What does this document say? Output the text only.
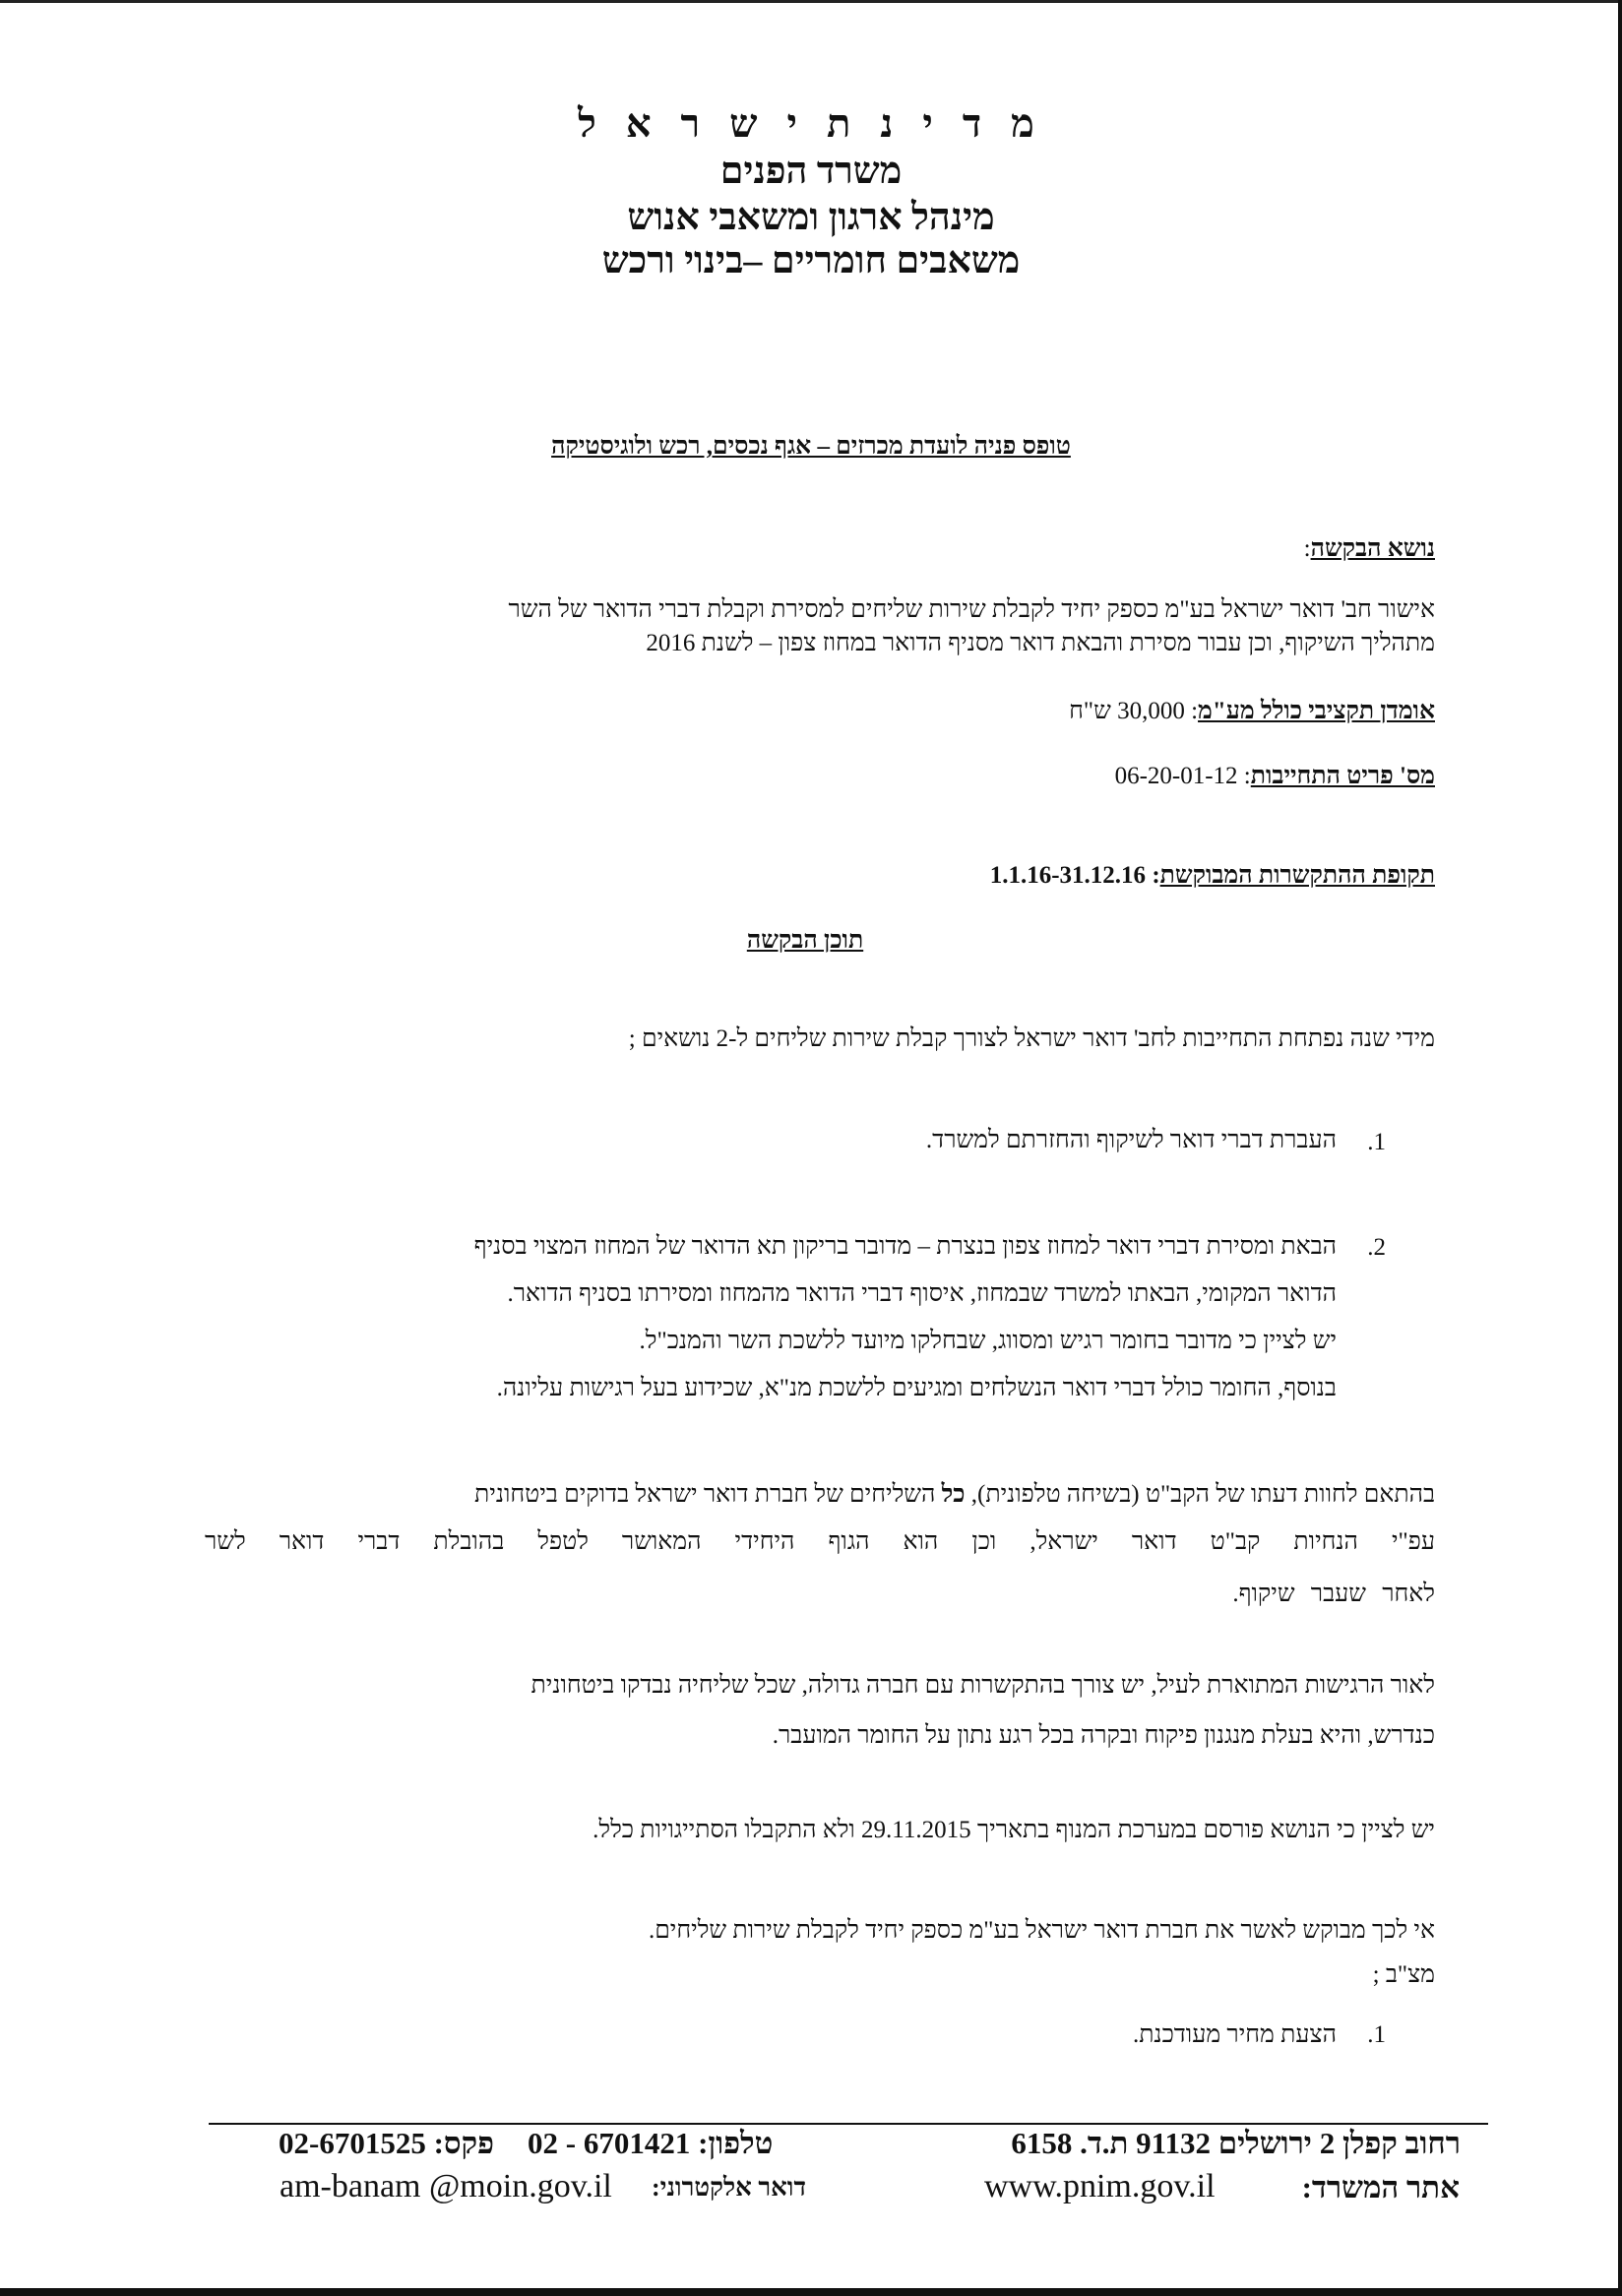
מ ד י נ ת י ש ר א ל
משרד הפנים
מינהל ארגון ומשאבי אנוש
משאבים חומריים –בינוי ורכש
טופס פניה לועדת מכרזים – אגף נכסים, רכש ולוגיסטיקה
נושא הבקשה:
אישור חב' דואר ישראל בע"מ כספק יחיד לקבלת שירות שליחים למסירת וקבלת דברי הדואר של השר
מתהליך השיקוף, וכן עבור מסירת והבאת דואר מסניף הדואר במחוז צפון – לשנת 2016
אומדן תקציבי כולל מע"מ: 30,000 ש"ח
מס' פריט התחייבות: 06-20-01-12
תקופת ההתקשרות המבוקשת: 1.1.16-31.12.16
תוכן הבקשה
מידי שנה נפתחת התחייבות לחב' דואר ישראל לצורך קבלת שירות שליחים ל-2 נושאים ;
1.
העברת דברי דואר לשיקוף והחזרתם למשרד.
2.
הבאת ומסירת דברי דואר למחוז צפון בנצרת – מדובר בריקון תא הדואר של המחוז המצוי בסניף
הדואר המקומי, הבאתו למשרד שבמחוז, איסוף דברי הדואר מהמחוז ומסירתו בסניף הדואר.
יש לציין כי מדובר בחומר רגיש ומסווג, שבחלקו מיועד ללשכת השר והמנכ"ל.
בנוסף, החומר כולל דברי דואר הנשלחים ומגיעים ללשכת מנ"א, שכידוע בעל רגישות עליונה.
בהתאם לחוות דעתו של הקב"ט (בשיחה טלפונית), כל השליחים של חברת דואר ישראל בדוקים ביטחונית
עפ"י הנחיות קב"ט דואר ישראל, וכן הוא הגוף היחידי המאושר לטפל בהובלת דברי דואר לשר
לאחר שעבר שיקוף.
לאור הרגישות המתוארת לעיל, יש צורך בהתקשרות עם חברה גדולה, שכל שליחיה נבדקו ביטחונית
כנדרש, והיא בעלת מנגנון פיקוח ובקרה בכל רגע נתון על החומר המועבר.
יש לציין כי הנושא פורסם במערכת המנוף בתאריך 29.11.2015 ולא התקבלו הסתייגויות כלל.
אי לכך מבוקש לאשר את חברת דואר ישראל בע"מ כספק יחיד לקבלת שירות שליחים.
מצ"ב ;
1.
הצעת מחיר מעודכנת.
רחוב קפלן 2 ירושלים 91132 ת.ד. 6158
02 - 6701421 טלפון:
02-6701525 פקס:
אתר המשרד:
www.pnim.gov.il
דואר אלקטרוני:
am-banam @moin.gov.il
